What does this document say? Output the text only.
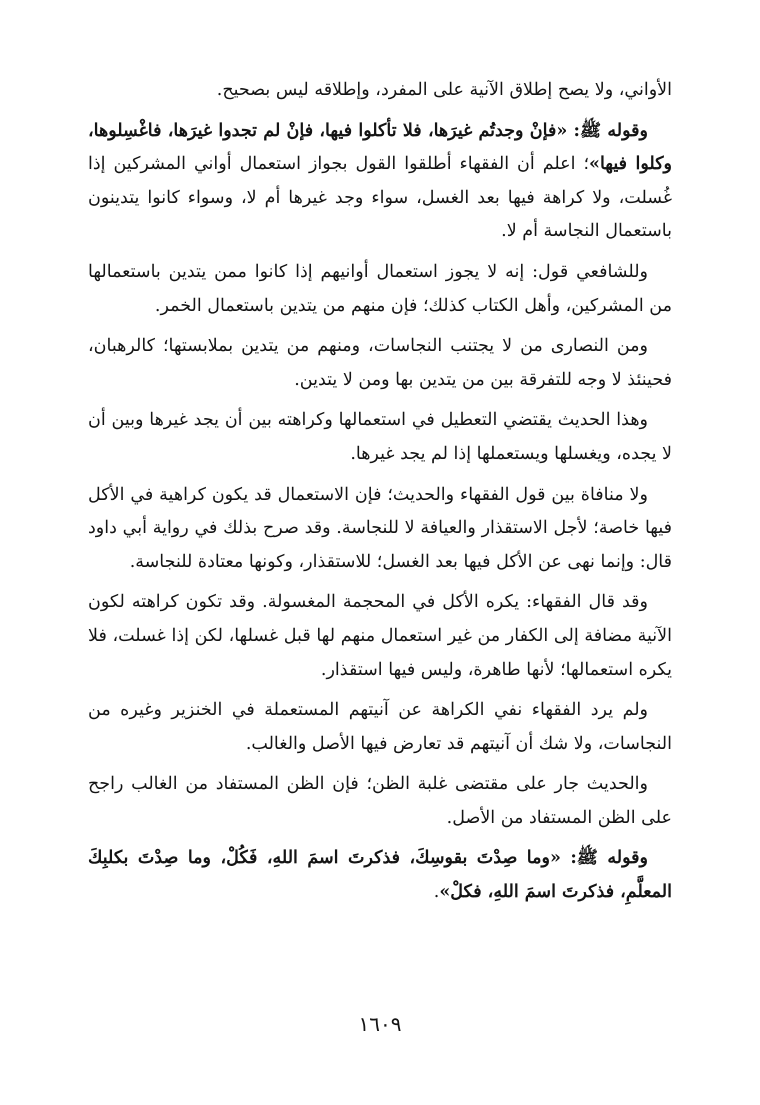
الأواني، ولا يصح إطلاق الآنية على المفرد، وإطلاقه ليس بصحيح.

وقوله ﷺ: «فإنْ وجدتُم غيرَها، فلا تأكلوا فيها، فإنْ لم تجدوا غيرَها، فاغْسِلوها، وكلوا فيها»؛ اعلم أن الفقهاء أطلقوا القول بجواز استعمال أواني المشركين إذا غُسلت، ولا كراهة فيها بعد الغسل، سواء وجد غيرها أم لا، وسواء كانوا يتدينون باستعمال النجاسة أم لا.

وللشافعي قول: إنه لا يجوز استعمال أوانيهم إذا كانوا ممن يتدين باستعمالها من المشركين، وأهل الكتاب كذلك؛ فإن منهم من يتدين باستعمال الخمر.

ومن النصارى من لا يجتنب النجاسات، ومنهم من يتدين بملابستها؛ كالرهبان، فحينئذ لا وجه للتفرقة بين من يتدين بها ومن لا يتدين.

وهذا الحديث يقتضي التعطيل في استعمالها وكراهته بين أن يجد غيرها وبين أن لا يجده، ويغسلها ويستعملها إذا لم يجد غيرها.

ولا منافاة بين قول الفقهاء والحديث؛ فإن الاستعمال قد يكون كراهية في الأكل فيها خاصة؛ لأجل الاستقذار والعيافة لا للنجاسة. وقد صرح بذلك في رواية أبي داود قال: وإنما نهى عن الأكل فيها بعد الغسل؛ للاستقذار، وكونها معتادة للنجاسة.

وقد قال الفقهاء: يكره الأكل في المحجمة المغسولة. وقد تكون كراهته لكون الآنية مضافة إلى الكفار من غير استعمال منهم لها قبل غسلها، لكن إذا غسلت، فلا يكره استعمالها؛ لأنها طاهرة، وليس فيها استقذار.

ولم يرد الفقهاء نفي الكراهة عن آنيتهم المستعملة في الخنزير وغيره من النجاسات، ولا شك أن آنيتهم قد تعارض فيها الأصل والغالب.

والحديث جار على مقتضى غلبة الظن؛ فإن الظن المستفاد من الغالب راجح على الظن المستفاد من الأصل.

وقوله ﷺ: «وما صِدْتَ بقوسِكَ، فذكرتَ اسمَ اللهِ، فَكُلْ، وما صِدْتَ بكلبِكَ المعلَّمِ، فذكرتَ اسمَ اللهِ، فكلْ».

١٦٠٩
